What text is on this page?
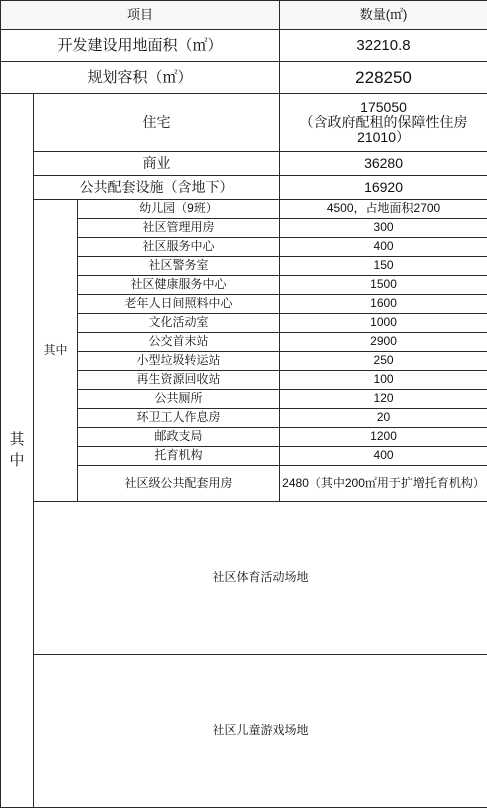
项目			数量(㎡)	
开发建设用地面积（㎡）			32210.8	
规划容积（㎡）			228250	
其中	住宅		175050
（含政府配租的保障性住房
21010）	
	商业		36280	
	公共配套设施（含地下）		16920	
	其中	幼儿园（9班）	4500，占地面积2700	
		社区管理用房	300	
		社区服务中心	400	
		社区警务室	150	
		社区健康服务中心	1500	
		老年人日间照料中心	1600	
		文化活动室	1000	
		公交首末站	2900	
		小型垃圾转运站	250	
		再生资源回收站	100	
		公共厕所	120	
		环卫工人作息房	20	
		邮政支局	1200	
		托育机构	400	
		社区级公共配套用房	2480（其中200㎡用于扩增托育机构）	
	社区体育活动场地	
	社区儿童游戏场地	
